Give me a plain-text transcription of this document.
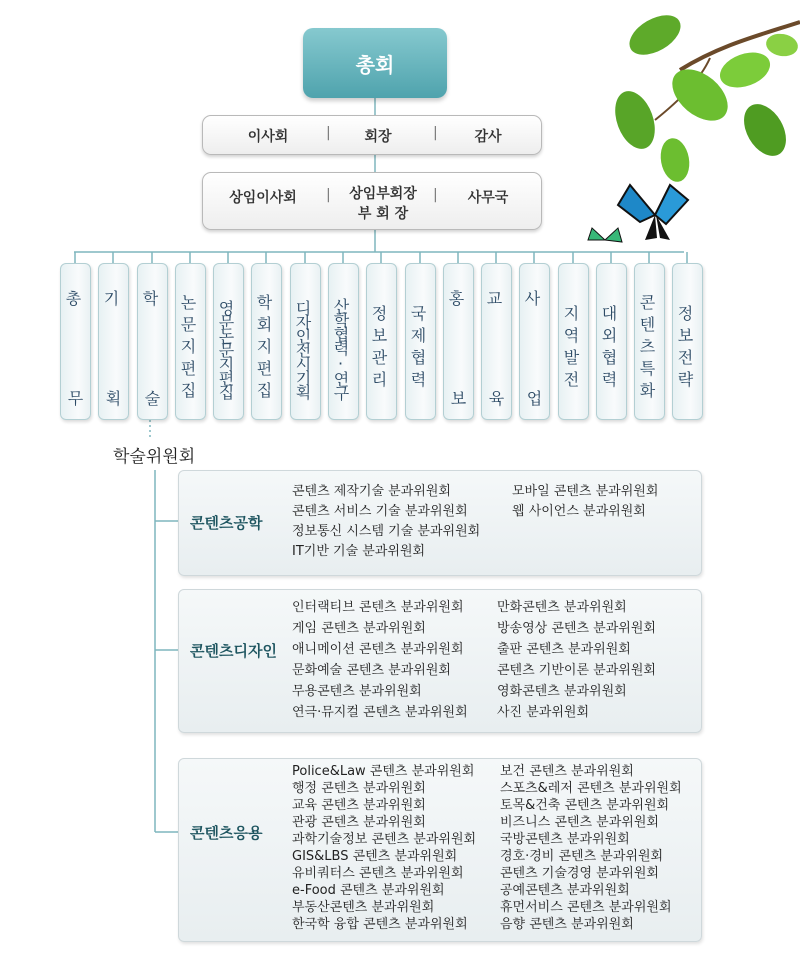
총회
이사회	|	회장	|	감사
상임이사회	|	상임부회장
부 회 장
|	사무국
총
무
기
획
학
술	논문지편집 영문논문지편집 학회지편집 디자인전시기획 산학협력·연구 정보관리 국제협력
홍
보
교
육
사
업
지역발전 대외협력 콘텐츠특화 정보전략
학술위원회
콘텐츠공학
콘텐츠디자인
콘텐츠응용
콘텐츠 제작기술 분과위원회
콘텐츠 서비스 기술 분과위원회
정보통신 시스템 기술 분과위원회
IT기반 기술 분과위원회
모바일 콘텐츠 분과위원회
웹 사이언스 분과위원회
인터랙티브 콘텐츠 분과위원회
게임 콘텐츠 분과위원회
애니메이션 콘텐츠 분과위원회
문화예술 콘텐츠 분과위원회
무용콘텐츠 분과위원회
연극·뮤지컬 콘텐츠 분과위원회
만화콘텐츠 분과위원회
방송영상 콘텐츠 분과위원회
출판 콘텐츠 분과위원회
콘텐츠 기반이론 분과위원회
영화콘텐츠 분과위원회
사진 분과위원회
Police&Law 콘텐츠 분과위원회
행정 콘텐츠 분과위원회
교육 콘텐츠 분과위원회
관광 콘텐츠 분과위원회
과학기술정보 콘텐츠 분과위원회
GIS&LBS 콘텐츠 분과위원회
유비쿼터스 콘텐츠 분과위원회
e-Food 콘텐츠 분과위원회
부동산콘텐츠 분과위원회
한국학 융합 콘텐츠 분과위원회
보건 콘텐츠 분과위원회
스포츠&레저 콘텐츠 분과위원회
토목&건축 콘텐츠 분과위원회
비즈니스 콘텐츠 분과위원회
국방콘텐츠 분과위원회
경호·경비 콘텐츠 분과위원회
콘텐츠 기술경영 분과위원회
공예콘텐츠 분과위원회
휴먼서비스 콘텐츠 분과위원회
음향 콘텐츠 분과위원회
